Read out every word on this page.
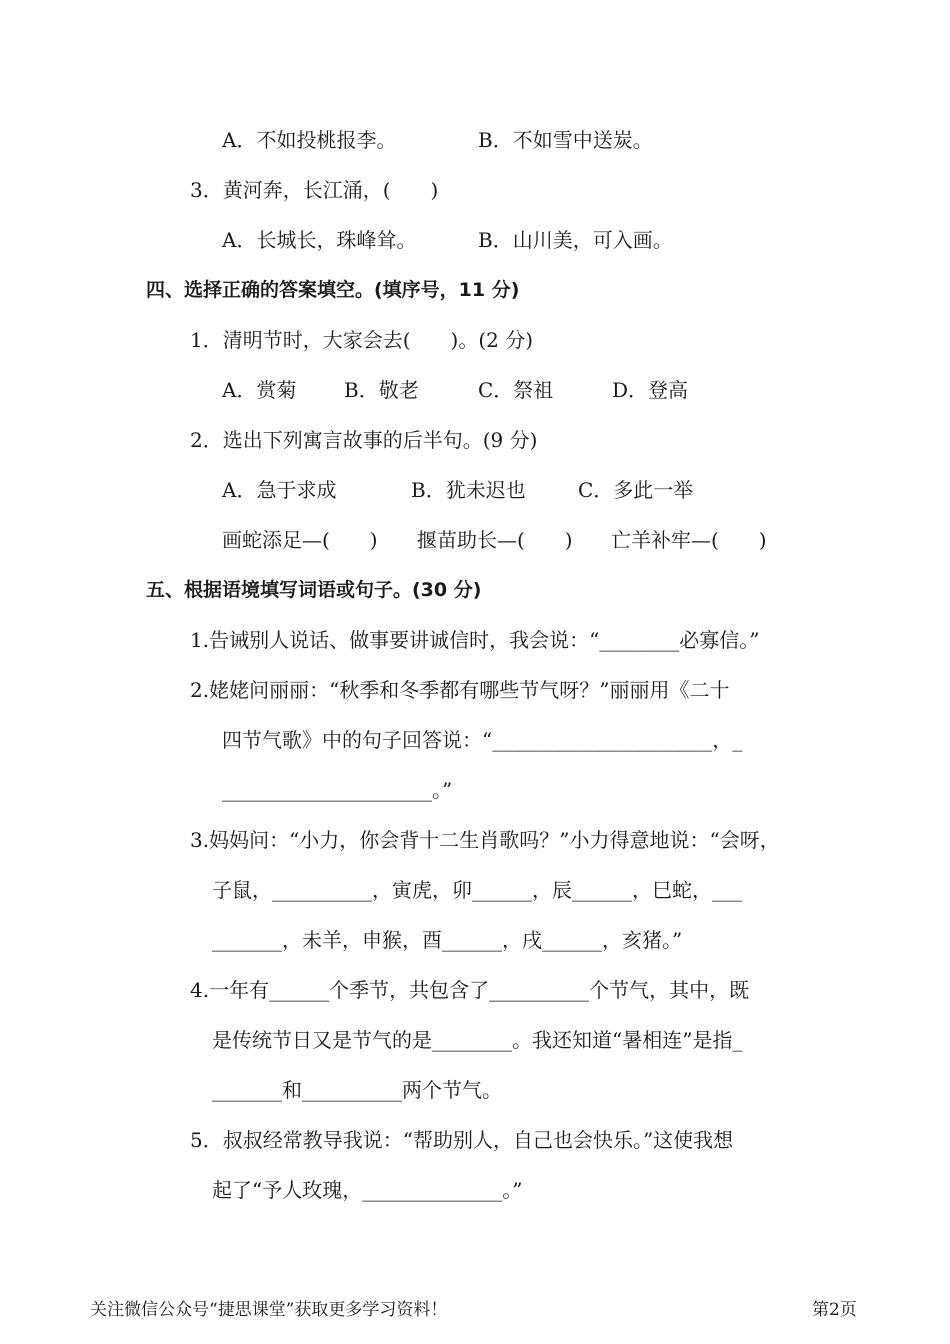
A．不如投桃报李。	B．不如雪中送炭。
3．黄河奔，长江涌，(　　)
A．长城长，珠峰耸。	B．山川美，可入画。
四、选择正确的答案填空。(填序号，11 分)
1．清明节时，大家会去(　　)。(2 分)
A．赏菊 B．敬老	C．祭祖	D．登高
2．选出下列寓言故事的后半句。(9 分)
A．急于求成	B．犹未迟也	C．多此一举
画蛇添足—(　　) 揠苗助长—(　　) 亡羊补牢—(　　)
五、根据语境填写词语或句子。(30 分)
1.告诫别人说话、做事要讲诚信时，我会说：“________必寡信。”
2.姥姥问丽丽：“秋季和冬季都有哪些节气呀？”丽丽用《二十
四节气歌》中的句子回答说：“______________________，_
_____________________。”
3.妈妈问：“小力，你会背十二生肖歌吗？”小力得意地说：“会呀，
子鼠，__________，寅虎，卯______，辰______，巳蛇，___
_______，未羊，申猴，酉______，戌______，亥猪。”
4.一年有______个季节，共包含了__________个节气，其中，既
是传统节日又是节气的是________。我还知道“暑相连”是指_
_______和__________两个节气。
5．叔叔经常教导我说：“帮助别人，自己也会快乐。”这使我想
起了“予人玫瑰，______________。”
关注微信公众号“捷思课堂”获取更多学习资料！	第2页
